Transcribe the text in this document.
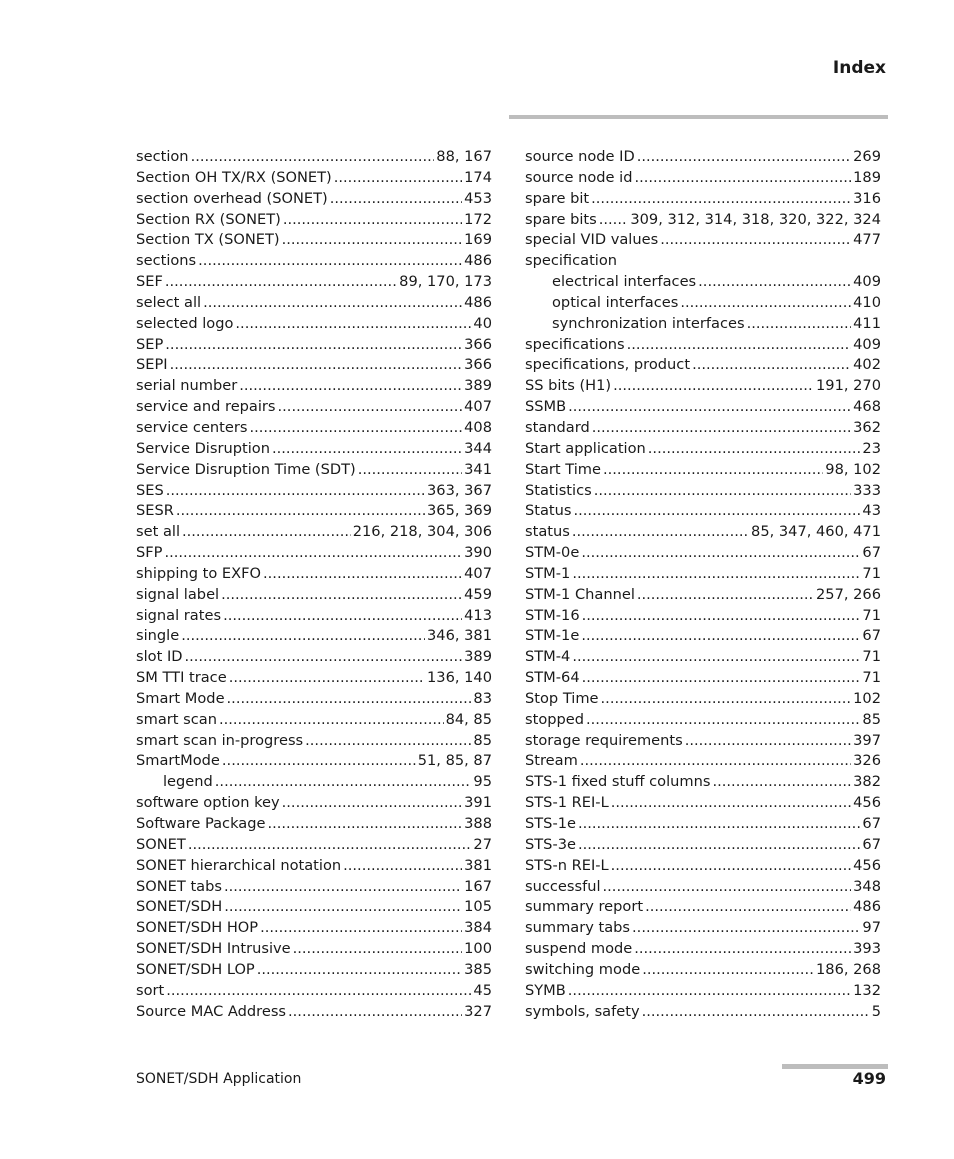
Index
section .....	88, 167
Section OH TX/RX (SONET) .....	174
section overhead (SONET) .....	453
Section RX (SONET) .....	172
Section TX (SONET) .....	169
sections .....	486
SEF .....	89, 170, 173
select all .....	486
selected logo .....	40
SEP .....	366
SEPI .....	366
serial number .....	389
service and repairs .....	407
service centers .....	408
Service Disruption .....	344
Service Disruption Time (SDT) .....	341
SES .....	363, 367
SESR .....	365, 369
set all .....	216, 218, 304, 306
SFP .....	390
shipping to EXFO .....	407
signal label .....	459
signal rates .....	413
single .....	346, 381
slot ID .....	389
SM TTI trace .....	136, 140
Smart Mode .....	83
smart scan .....	84, 85
smart scan in-progress .....	85
SmartMode .....	51, 85, 87
legend .....	95
software option key .....	391
Software Package .....	388
SONET .....	27
SONET hierarchical notation .....	381
SONET tabs .....	167
SONET/SDH .....	105
SONET/SDH HOP .....	384
SONET/SDH Intrusive .....	100
SONET/SDH LOP .....	385
sort .....	45
Source MAC Address .....	327
source node ID .....	269
source node id .....	189
spare bit .....	316
spare bits ..... 309, 312, 314, 318, 320, 322, 324
special VID values .....	477
specification
electrical interfaces .....	409
optical interfaces .....	410
synchronization interfaces .....	411
specifications .....	409
specifications, product .....	402
SS bits (H1) .....	191, 270
SSMB .....	468
standard .....	362
Start application .....	23
Start Time .....	98, 102
Statistics .....	333
Status .....	43
status .....	85, 347, 460, 471
STM-0e .....	67
STM-1 .....	71
STM-1 Channel .....	257, 266
STM-16 .....	71
STM-1e .....	67
STM-4 .....	71
STM-64 .....	71
Stop Time .....	102
stopped .....	85
storage requirements .....	397
Stream .....	326
STS-1 fixed stuff columns .....	382
STS-1 REI-L .....	456
STS-1e .....	67
STS-3e .....	67
STS-n REI-L .....	456
successful .....	348
summary report .....	486
summary tabs .....	97
suspend mode .....	393
switching mode .....	186, 268
SYMB .....	132
symbols, safety .....	5
SONET/SDH Application	499
